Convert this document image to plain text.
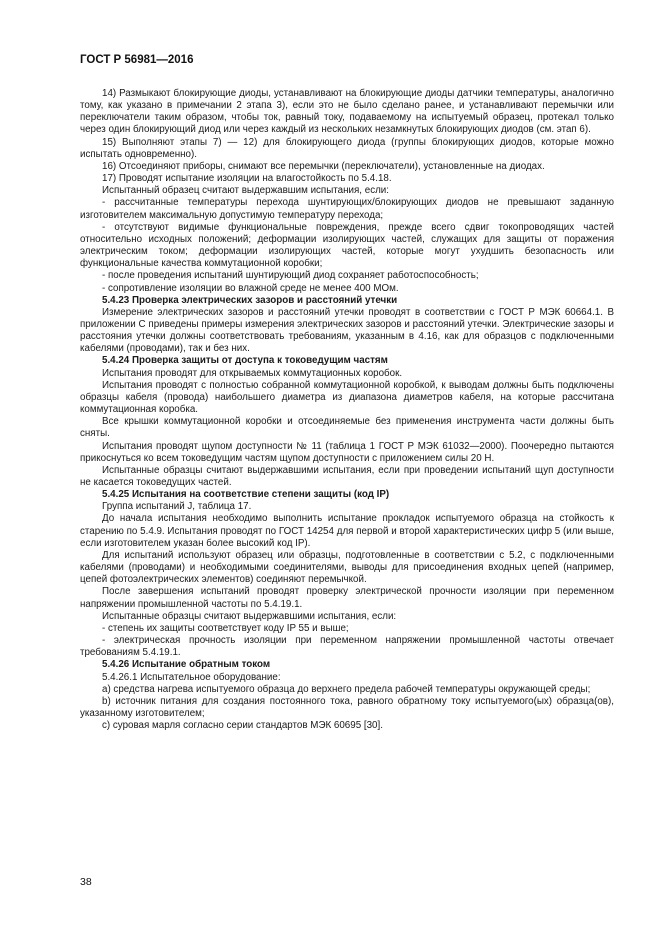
ГОСТ Р 56981—2016

14) Размыкают блокирующие диоды, устанавливают на блокирующие диоды датчики температуры, аналогично тому, как указано в примечании 2 этапа 3), если это не было сделано ранее, и устанавливают перемычки или переключатели таким образом, чтобы ток, равный току, подаваемому на испытуемый образец, протекал только через один блокирующий диод или через каждый из нескольких незамкнутых блокирующих диодов (см. этап 6).

15) Выполняют этапы 7) — 12) для блокирующего диода (группы блокирующих диодов, которые можно испытать одновременно).

16) Отсоединяют приборы, снимают все перемычки (переключатели), установленные на диодах.

17) Проводят испытание изоляции на влагостойкость по 5.4.18.

Испытанный образец считают выдержавшим испытания, если:

- рассчитанные температуры перехода шунтирующих/блокирующих диодов не превышают заданную изготовителем максимальную допустимую температуру перехода;

- отсутствуют видимые функциональные повреждения, прежде всего сдвиг токопроводящих частей относительно исходных положений; деформации изолирующих частей, служащих для защиты от поражения электрическим током; деформации изолирующих частей, которые могут ухудшить безопасность или функциональные качества коммутационной коробки;

- после проведения испытаний шунтирующий диод сохраняет работоспособность;

- сопротивление изоляции во влажной среде не менее 400 МОм.

5.4.23 Проверка электрических зазоров и расстояний утечки

Измерение электрических зазоров и расстояний утечки проводят в соответствии с ГОСТ Р МЭК 60664.1. В приложении С приведены примеры измерения электрических зазоров и расстояний утечки. Электрические зазоры и расстояния утечки должны соответствовать требованиям, указанным в 4.16, как для образцов с подключенными кабелями (проводами), так и без них.

5.4.24 Проверка защиты от доступа к токоведущим частям

Испытания проводят для открываемых коммутационных коробок.

Испытания проводят с полностью собранной коммутационной коробкой, к выводам должны быть подключены образцы кабеля (провода) наибольшего диаметра из диапазона диаметров кабеля, на которые рассчитана коммутационная коробка.

Все крышки коммутационной коробки и отсоединяемые без применения инструмента части должны быть сняты.

Испытания проводят щупом доступности № 11 (таблица 1 ГОСТ Р МЭК 61032—2000). Поочередно пытаются прикоснуться ко всем токоведущим частям щупом доступности с приложением силы 20 Н.

Испытанные образцы считают выдержавшими испытания, если при проведении испытаний щуп доступности не касается токоведущих частей.

5.4.25 Испытания на соответствие степени защиты (код IP)

Группа испытаний J, таблица 17.

До начала испытания необходимо выполнить испытание прокладок испытуемого образца на стойкость к старению по 5.4.9. Испытания проводят по ГОСТ 14254 для первой и второй характеристических цифр 5 (или выше, если изготовителем указан более высокий код IP).

Для испытаний используют образец или образцы, подготовленные в соответствии с 5.2, с подключенными кабелями (проводами) и необходимыми соединителями, выводы для присоединения входных цепей (например, цепей фотоэлектрических элементов) соединяют перемычкой.

После завершения испытаний проводят проверку электрической прочности изоляции при переменном напряжении промышленной частоты по 5.4.19.1.

Испытанные образцы считают выдержавшими испытания, если:

- степень их защиты соответствует коду IP 55 и выше;

- электрическая прочность изоляции при переменном напряжении промышленной частоты отвечает требованиям 5.4.19.1.

5.4.26 Испытание обратным током

5.4.26.1 Испытательное оборудование:

а) средства нагрева испытуемого образца до верхнего предела рабочей температуры окружающей среды;

b) источник питания для создания постоянного тока, равного обратному току испытуемого(ых) образца(ов), указанному изготовителем;

с) суровая марля согласно серии стандартов МЭК 60695 [30].

38
